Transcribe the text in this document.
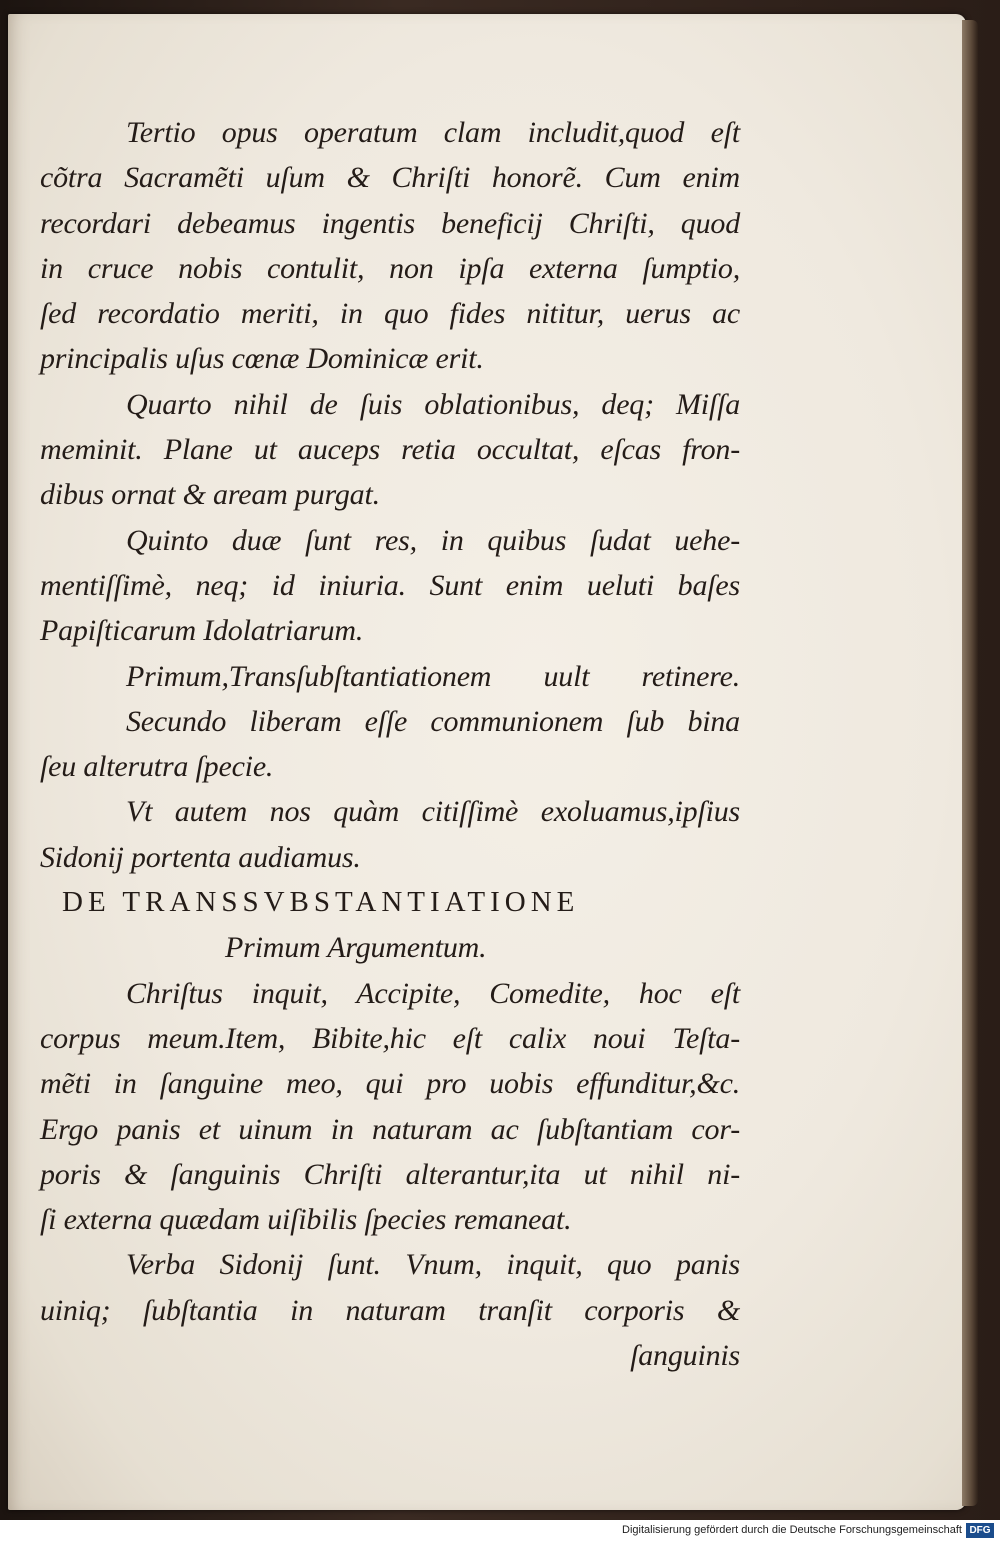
Tertio opus operatum clam includit,quod eſt
cõtra Sacramẽti uſum & Chriſti honorẽ. Cum enim
recordari debeamus ingentis beneficij Chriſti, quod
in cruce nobis contulit, non ipſa externa ſumptio,
ſed recordatio meriti, in quo fides nititur, uerus ac
principalis uſus cœnæ Dominicæ erit.
Quarto nihil de ſuis oblationibus, deq; Miſſa
meminit. Plane ut auceps retia occultat, eſcas fron-
dibus ornat & aream purgat.
Quinto duæ ſunt res, in quibus ſudat uehe-
mentiſſimè, neq; id iniuria. Sunt enim ueluti baſes
Papiſticarum Idolatriarum.
Primum,Transſubſtantiationem uult retinere.
Secundo liberam eſſe communionem ſub bina
ſeu alterutra ſpecie.
Vt autem nos quàm citiſſimè exoluamus,ipſius
Sidonij portenta audiamus.
DE TRANSSVBSTANTIATIONE
Primum Argumentum.
Chriſtus inquit, Accipite, Comedite, hoc eſt
corpus meum.Item, Bibite,hic eſt calix noui Teſta-
mẽti in ſanguine meo, qui pro uobis effunditur,&c.
Ergo panis et uinum in naturam ac ſubſtantiam cor-
poris & ſanguinis Chriſti alterantur,ita ut nihil ni-
ſi externa quædam uiſibilis ſpecies remaneat.
Verba Sidonij ſunt. Vnum, inquit, quo panis
uiniq; ſubſtantia in naturam tranſit corporis &
ſanguinis
Digitalisierung gefördert durch die Deutsche Forschungsgemeinschaft DFG
